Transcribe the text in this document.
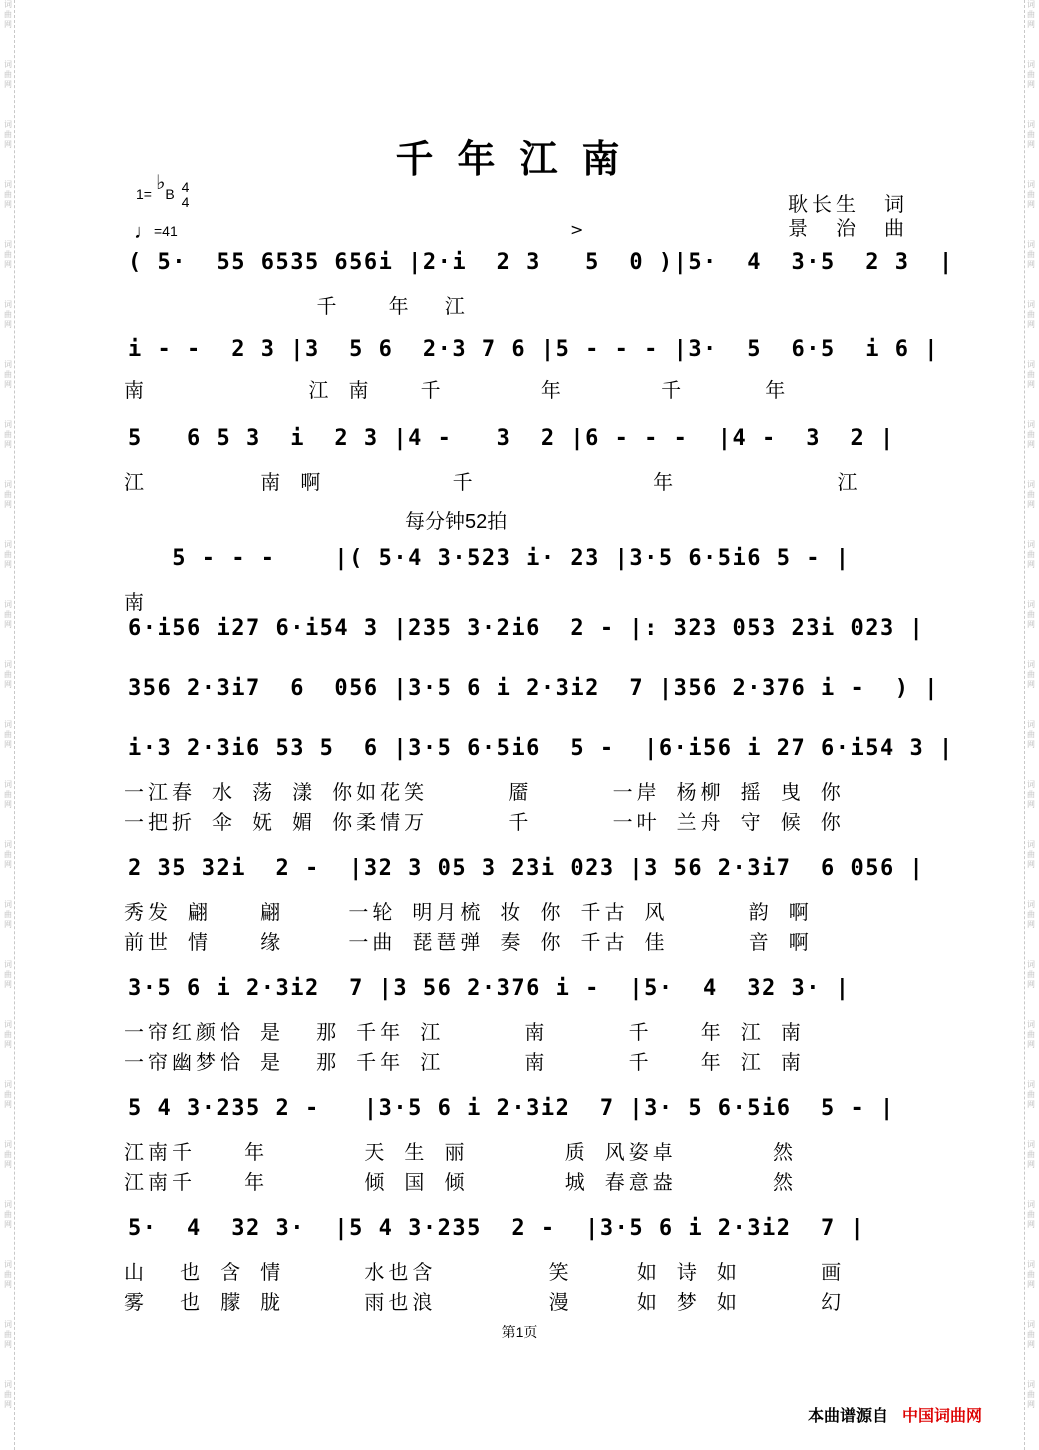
词
曲
网
词
曲
网
词
曲
网
词
曲
网
词
曲
网
词
曲
网
词
曲
网
词
曲
网
词
曲
网
词
曲
网
词
曲
网
词
曲
网
词
曲
网
词
曲
网
词
曲
网
词
曲
网
词
曲
网
词
曲
网
词
曲
网
词
曲
网
词
曲
网
词
曲
网
词
曲
网
词
曲
网
词
曲
网
词
曲
网
词
曲
网
词
曲
网
词
曲
网
词
曲
网
词
曲
网
词
曲
网
词
曲
网
词
曲
网
词
曲
网
词
曲
网
词
曲
网
词
曲
网
词
曲
网
词
曲
网
词
曲
网
词
曲
网
词
曲
网
词
曲
网
词
曲
网
词
曲
网
词
曲
网
词
曲
网
千年江南
1= ♭B 4
4
♩=41
耿长生　词
景　治　曲
>
每分钟52拍
( 5·  55 6535 656i |2·i  2 3   5  0 )|5·  4  3·5  2 3  |
千   年  江
i - -  2 3 |3  5 6  2·3 7 6 |5 - - - |3·  5  6·5  i 6 |
南          江 南   千      年      千     年
5   6 5 3  i  2 3 |4 -   3  2 |6 - - -  |4 -  3  2 |
江       南 啊        千           年          江
5 - - -    |( 5·4 3·523 i· 23 |3·5 6·5i6 5 - |
南
6·i56 i27 6·i54 3 |235 3·2i6  2 - |: 323 053 23i 023 |
356 2·3i7  6  056 |3·5 6 i 2·3i2  7 |356 2·376 i -  ) |
i·3 2·3i6 53 5  6 |3·5 6·5i6  5 -  |6·i56 i 27 6·i54 3 |
一江春 水 荡 漾 你如花笑     靥     一岸 杨柳 摇 曳 你
一把折 伞 妩 媚 你柔情万     千     一叶 兰舟 守 候 你
2 35 32i  2 -  |32 3 05 3 23i 023 |3 56 2·3i7  6 056 |
秀发 翩   翩    一轮 明月梳 妆 你 千古 风     韵 啊
前世 情   缘    一曲 琵琶弹 奏 你 千古 佳     音 啊
3·5 6 i 2·3i2  7 |3 56 2·376 i -  |5·  4  32 3· |
一帘红颜恰 是  那 千年 江     南     千   年 江 南
一帘幽梦恰 是  那 千年 江     南     千   年 江 南
5 4 3·235 2 -   |3·5 6 i 2·3i2  7 |3· 5 6·5i6  5 - |
江南千   年      天 生 丽      质 风姿卓      然
江南千   年      倾 国 倾      城 春意盎      然
5·  4  32 3·  |5 4 3·235  2 -  |3·5 6 i 2·3i2  7 |
山  也 含 情     水也含       笑    如 诗 如     画
雾  也 朦 胧     雨也浪       漫    如 梦 如     幻
第1页
本曲谱源自 中国词曲网
